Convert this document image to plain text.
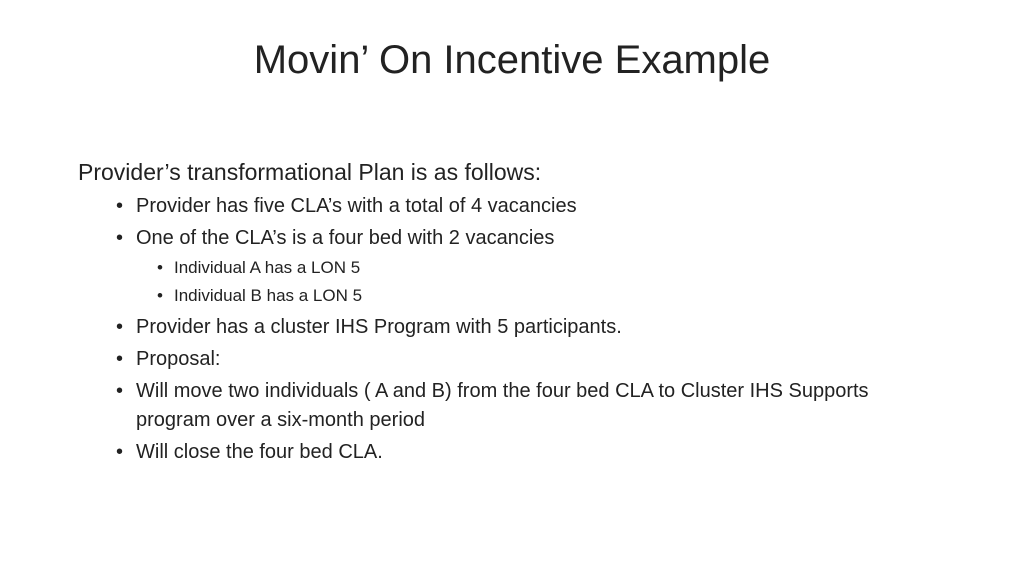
Movin’ On Incentive Example

Provider’s transformational Plan is as follows:

• Provider has five CLA’s with a total of 4 vacancies
• One of the CLA’s is a four bed with 2 vacancies
• Individual A has a LON 5
• Individual B has a LON 5
• Provider has a cluster IHS Program with 5 participants.
• Proposal:
• Will move two individuals ( A and B) from the four bed CLA to Cluster IHS Supports program over a six-month period
• Will close the four bed CLA.
